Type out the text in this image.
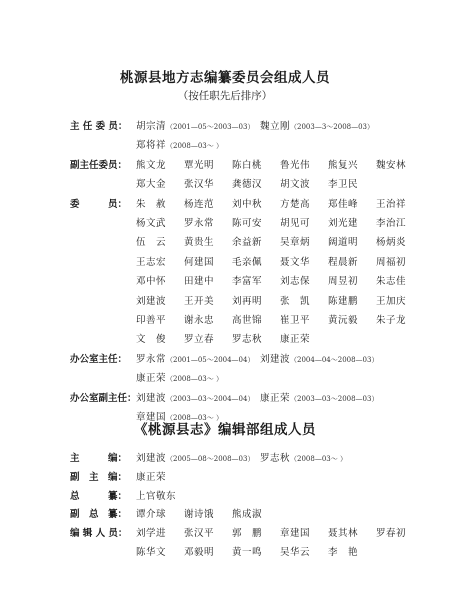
桃源县地方志编纂委员会组成人员
（按任职先后排序）
主 任 委 员： 胡宗清（2001—05～2003—03） 魏立刚（2003—3～2008—03）
郑将祥（2008—03～ ）
副主任委员： 熊文龙 覃光明 陈白桃 鲁光伟 熊复兴 魏安林
郑大金 张汉华 龚德汉 胡文波 李卫民
委　　　员： 朱　赦 杨连范 刘中秋 方楚高 郑佳峰 王治祥
杨文武 罗永常 陈可安 胡见可 刘光建 李治江
伍　云 黄贵生 余益新 吴章炳 阔道明 杨炳炎
王志宏 何建国 毛亲佩 聂文华 程晨新 周福初
邓中怀 田建中 李富军 刘志保 周昱初 朱志佳
刘建波 王开美 刘再明 张　凯 陈建鹏 王加庆
印善平 谢永忠 高世锦 崔卫平 黄沅毅 朱子龙
文　俊 罗立春 罗志秋 康正荣
办公室主任： 罗永常（2001—05～2004—04） 刘建波（2004—04～2008—03）
康正荣（2008—03～ ）
办公室副主任： 刘建波（2003—03～2004—04） 康正荣（2003—03～2008—03）
章建国（2008—03～ ）
《桃源县志》编辑部组成人员
主　　　编： 刘建波（2005—08～2008—03） 罗志秋（2008—03～ ）
副　主　编： 康正荣
总　　　纂： 上官敬东
副　总　纂： 谭介球 谢诗饿 熊成淑
编 辑 人 员： 刘学进 张汉平 郭　鹏 章建国 聂其林 罗春初
陈华文 邓毅明 黄一鸣 吴华云 李　艳
